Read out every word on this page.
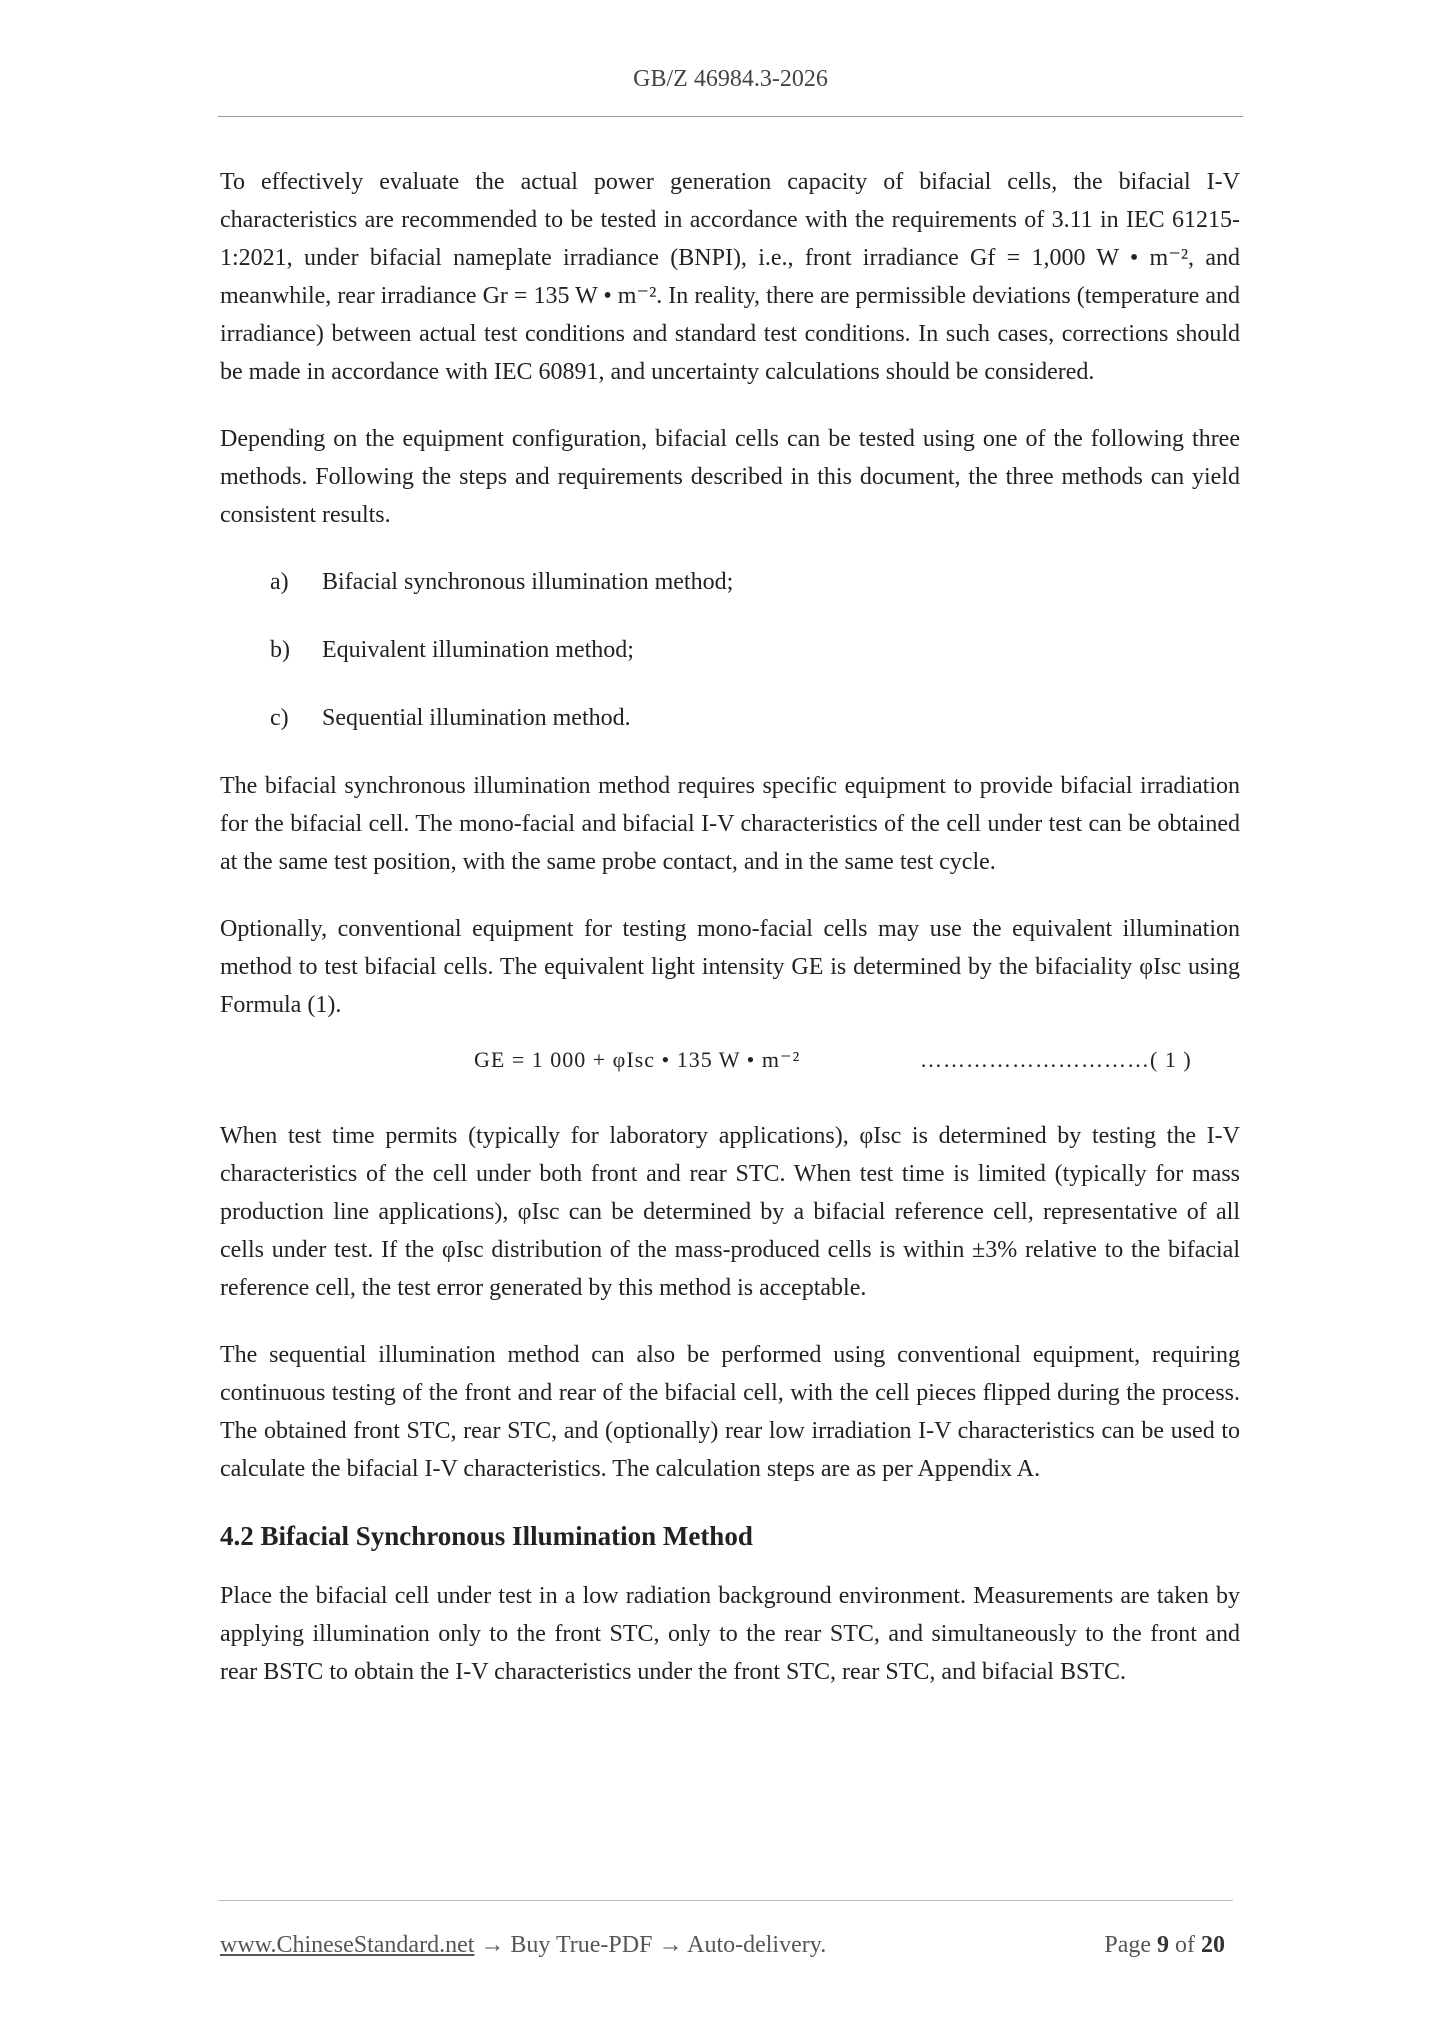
GB/Z 46984.3-2026

To effectively evaluate the actual power generation capacity of bifacial cells, the bifacial I-V characteristics are recommended to be tested in accordance with the requirements of 3.11 in IEC 61215-1:2021, under bifacial nameplate irradiance (BNPI), i.e., front irradiance Gf = 1,000 W • m⁻², and meanwhile, rear irradiance Gr = 135 W • m⁻². In reality, there are permissible deviations (temperature and irradiance) between actual test conditions and standard test conditions. In such cases, corrections should be made in accordance with IEC 60891, and uncertainty calculations should be considered.

Depending on the equipment configuration, bifacial cells can be tested using one of the following three methods. Following the steps and requirements described in this document, the three methods can yield consistent results.

a)	Bifacial synchronous illumination method;
b)	Equivalent illumination method;
c)	Sequential illumination method.

The bifacial synchronous illumination method requires specific equipment to provide bifacial irradiation for the bifacial cell. The mono-facial and bifacial I-V characteristics of the cell under test can be obtained at the same test position, with the same probe contact, and in the same test cycle.

Optionally, conventional equipment for testing mono-facial cells may use the equivalent illumination method to test bifacial cells. The equivalent light intensity GE is determined by the bifaciality φIsc using Formula (1).

GE = 1 000 + φIsc • 135 W • m⁻²	…………………………( 1 )

When test time permits (typically for laboratory applications), φIsc is determined by testing the I-V characteristics of the cell under both front and rear STC. When test time is limited (typically for mass production line applications), φIsc can be determined by a bifacial reference cell, representative of all cells under test. If the φIsc distribution of the mass-produced cells is within ±3% relative to the bifacial reference cell, the test error generated by this method is acceptable.

The sequential illumination method can also be performed using conventional equipment, requiring continuous testing of the front and rear of the bifacial cell, with the cell pieces flipped during the process. The obtained front STC, rear STC, and (optionally) rear low irradiation I-V characteristics can be used to calculate the bifacial I-V characteristics. The calculation steps are as per Appendix A.

4.2 Bifacial Synchronous Illumination Method

Place the bifacial cell under test in a low radiation background environment. Measurements are taken by applying illumination only to the front STC, only to the rear STC, and simultaneously to the front and rear BSTC to obtain the I-V characteristics under the front STC, rear STC, and bifacial BSTC.

www.ChineseStandard.net → Buy True-PDF → Auto-delivery.	Page 9 of 20
